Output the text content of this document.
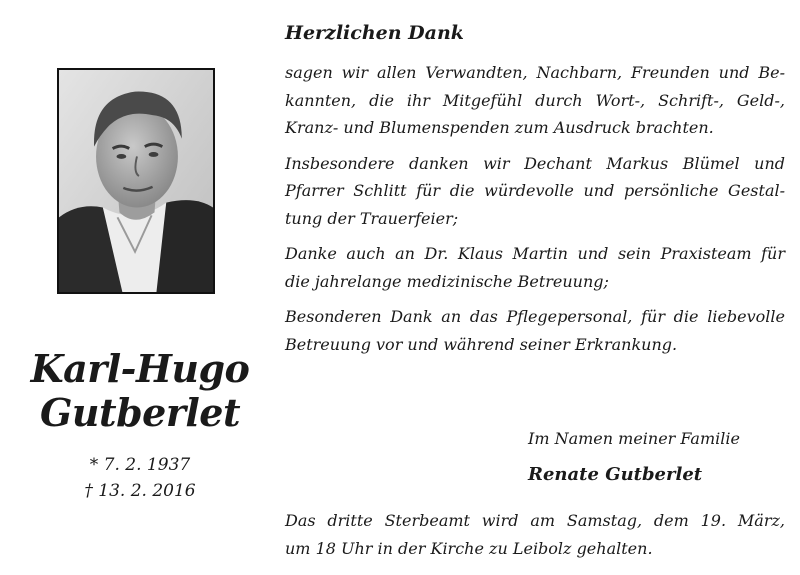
Karl-Hugo
Gutberlet
* 7. 2. 1937
† 13. 2. 2016
Herzlichen Dank
sagen wir allen Verwandten, Nachbarn, Freunden und Be-
kannten, die ihr Mitgefühl durch Wort-, Schrift-, Geld-,
Kranz- und Blumenspenden zum Ausdruck brachten.
Insbesondere danken wir Dechant Markus Blümel und
Pfarrer Schlitt für die würdevolle und persönliche Gestal-
tung der Trauerfeier;
Danke auch an Dr. Klaus Martin und sein Praxisteam für
die jahrelange medizinische Betreuung;
Besonderen Dank an das Pflegepersonal, für die liebevolle
Betreuung vor und während seiner Erkrankung.
Im Namen meiner Familie
Renate Gutberlet
Das dritte Sterbeamt wird am Samstag, dem 19. März,
um 18 Uhr in der Kirche zu Leibolz gehalten.
